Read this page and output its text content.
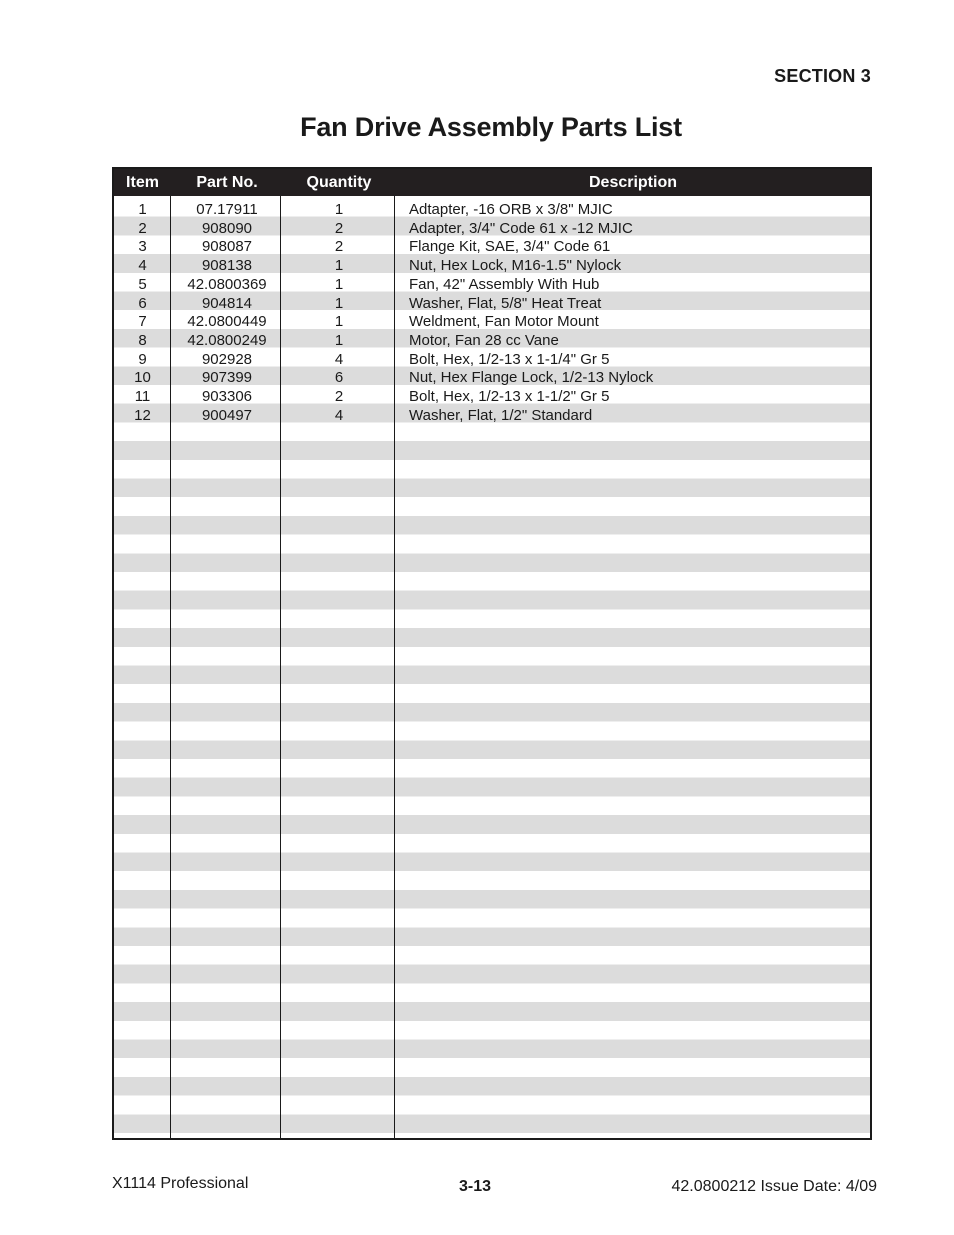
SECTION 3
Fan Drive Assembly Parts List
Item	Part No.	Quantity	Description
1	07.17911	1	Adtapter, -16 ORB x 3/8" MJIC
2	908090	2	Adapter, 3/4" Code 61 x -12 MJIC
3	908087	2	Flange Kit, SAE, 3/4" Code 61
4	908138	1	Nut, Hex Lock, M16-1.5" Nylock
5	42.0800369	1	Fan, 42" Assembly With Hub
6	904814	1	Washer, Flat, 5/8" Heat Treat
7	42.0800449	1	Weldment, Fan Motor Mount
8	42.0800249	1	Motor, Fan 28 cc Vane
9	902928	4	Bolt, Hex, 1/2-13 x 1-1/4" Gr 5
10	907399	6	Nut, Hex Flange Lock, 1/2-13 Nylock
11	903306	2	Bolt, Hex, 1/2-13 x 1-1/2" Gr 5
12	900497	4	Washer, Flat, 1/2" Standard
X1114 Professional	3-13	42.0800212 Issue Date: 4/09
